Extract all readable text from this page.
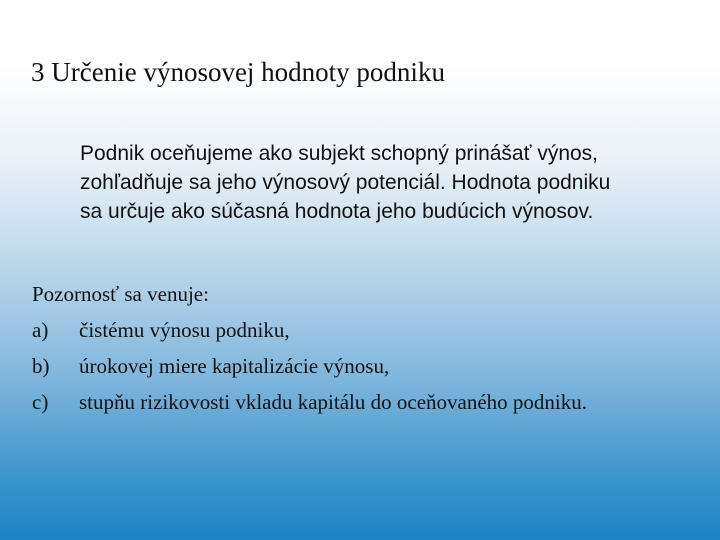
3 Určenie výnosovej hodnoty podniku
Podnik oceňujeme ako subjekt schopný prinášať výnos,
zohľadňuje sa jeho výnosový potenciál. Hodnota podniku
sa určuje ako súčasná hodnota jeho budúcich výnosov.
Pozornosť sa venuje:
a)	čistému výnosu podniku,
b)	úrokovej miere kapitalizácie výnosu,
c)	stupňu rizikovosti vkladu kapitálu do oceňovaného podniku.
